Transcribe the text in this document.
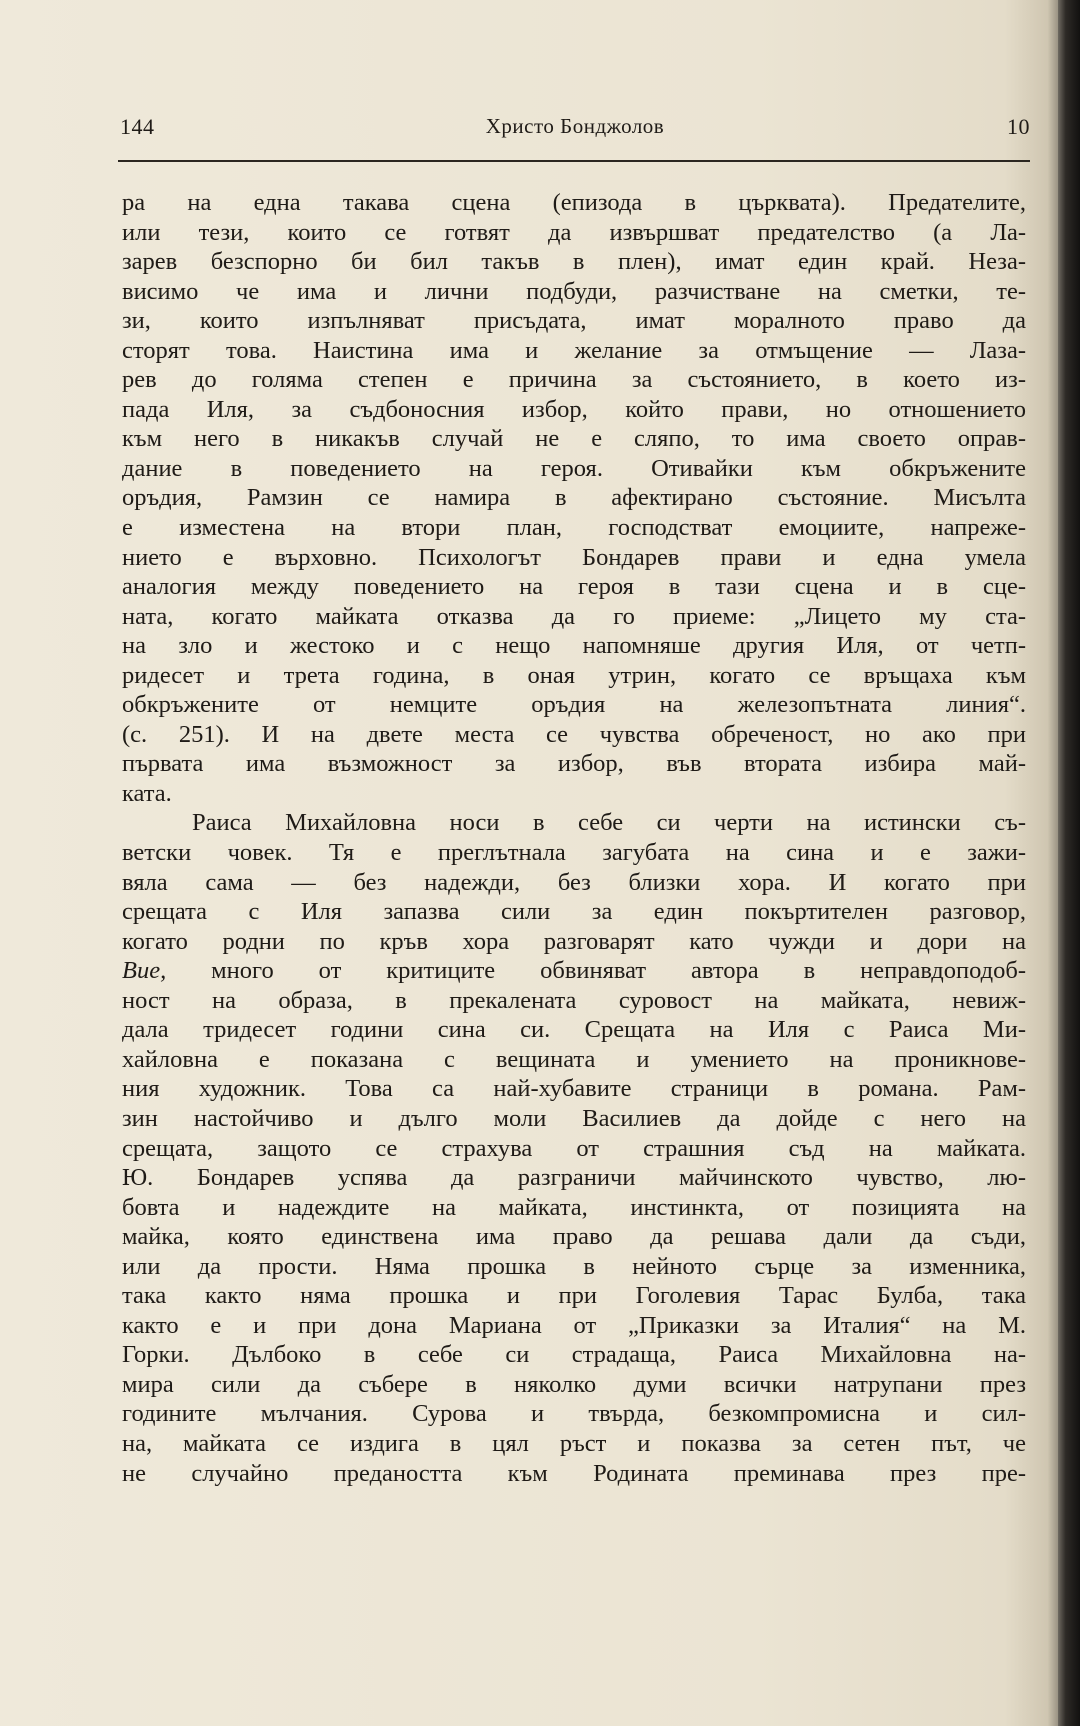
144	Христо Бонджолов	10
ра на една такава сцена (епизода в църквата). Предателите,
или тези, които се готвят да извършват предателство (а Ла-
зарев безспорно би бил такъв в плен), имат един край. Неза-
висимо че има и лични подбуди, разчистване на сметки, те-
зи, които изпълняват присъдата, имат моралното право да
сторят това. Наистина има и желание за отмъщение — Лаза-
рев до голяма степен е причина за състоянието, в което из-
пада Иля, за съдбоносния избор, който прави, но отношението
към него в никакъв случай не е сляпо, то има своето оправ-
дание в поведението на героя. Отивайки към обкръжените
оръдия, Рамзин се намира в афектирано състояние. Мисълта
е изместена на втори план, господстват емоциите, напреже-
нието е върховно. Психологът Бондарев прави и една умела
аналогия между поведението на героя в тази сцена и в сце-
ната, когато майката отказва да го приеме: „Лицето му ста-
на зло и жестоко и с нещо напомняше другия Иля, от четп-
ридесет и трета година, в оная утрин, когато се връщаха към
обкръжените от немците оръдия на железопътната линия“.
(с. 251). И на двете места се чувства обреченост, но ако при
първата има възможност за избор, във втората избира май-
ката.
Раиса Михайловна носи в себе си черти на истински съ-
ветски човек. Тя е преглътнала загубата на сина и е зажи-
вяла сама — без надежди, без близки хора. И когато при
срещата с Иля запазва сили за един покъртителен разговор,
когато родни по кръв хора разговарят като чужди и дори на
Вие, много от критиците обвиняват автора в неправдоподоб-
ност на образа, в прекалената суровост на майката, невиж-
дала тридесет години сина си. Срещата на Иля с Раиса Ми-
хайловна е показана с вещината и умението на проникнове-
ния художник. Това са най-хубавите страници в романа. Рам-
зин настойчиво и дълго моли Василиев да дойде с него на
срещата, защото се страхува от страшния съд на майката.
Ю. Бондарев успява да разграничи майчинското чувство, лю-
бовта и надеждите на майката, инстинкта, от позицията на
майка, която единствена има право да решава дали да съди,
или да прости. Няма прошка в нейното сърце за изменника,
така както няма прошка и при Гоголевия Тарас Булба, така
както е и при дона Мариана от „Приказки за Италия“ на М.
Горки. Дълбоко в себе си страдаща, Раиса Михайловна на-
мира сили да събере в няколко думи всички натрупани през
годините мълчания. Сурова и твърда, безкомпромисна и сил-
на, майката се издига в цял ръст и показва за сетен път, че
не случайно предаността към Родината преминава през пре-
